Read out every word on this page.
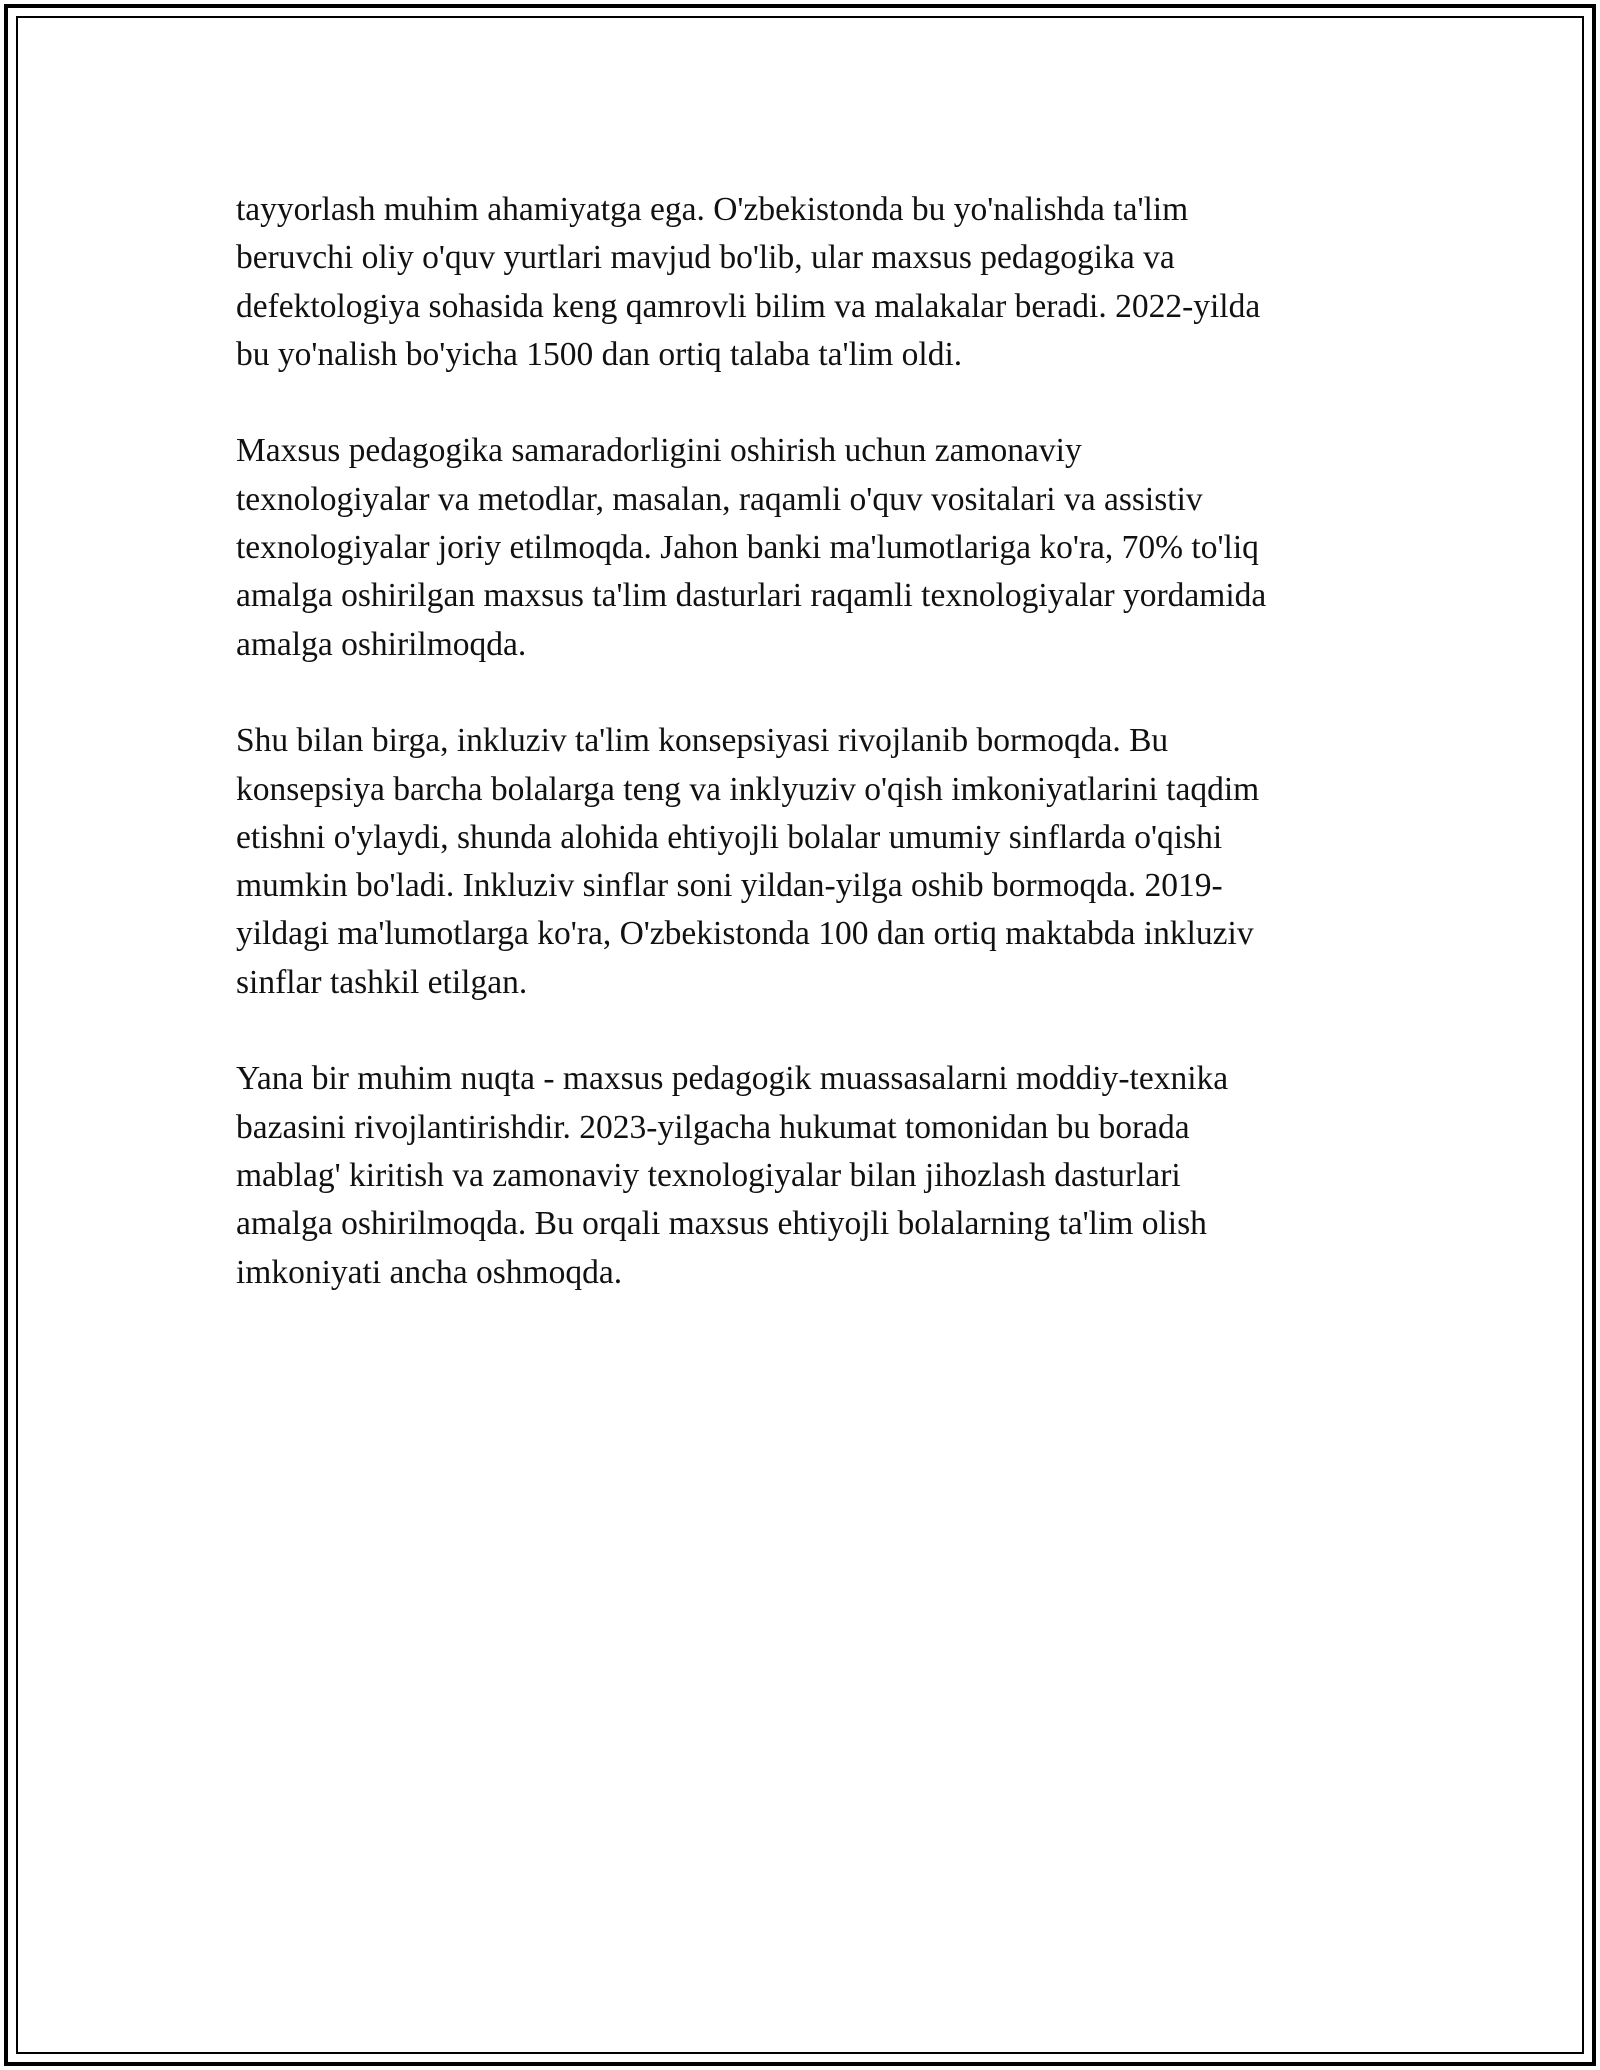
tayyorlash muhim ahamiyatga ega. O'zbekistonda bu yo'nalishda ta'lim
beruvchi oliy o'quv yurtlari mavjud bo'lib, ular maxsus pedagogika va
defektologiya sohasida keng qamrovli bilim va malakalar beradi. 2022-yilda
bu yo'nalish bo'yicha 1500 dan ortiq talaba ta'lim oldi.

Maxsus pedagogika samaradorligini oshirish uchun zamonaviy
texnologiyalar va metodlar, masalan, raqamli o'quv vositalari va assistiv
texnologiyalar joriy etilmoqda. Jahon banki ma'lumotlariga ko'ra, 70% to'liq
amalga oshirilgan maxsus ta'lim dasturlari raqamli texnologiyalar yordamida
amalga oshirilmoqda.

Shu bilan birga, inkluziv ta'lim konsepsiyasi rivojlanib bormoqda. Bu
konsepsiya barcha bolalarga teng va inklyuziv o'qish imkoniyatlarini taqdim
etishni o'ylaydi, shunda alohida ehtiyojli bolalar umumiy sinflarda o'qishi
mumkin bo'ladi. Inkluziv sinflar soni yildan-yilga oshib bormoqda. 2019-
yildagi ma'lumotlarga ko'ra, O'zbekistonda 100 dan ortiq maktabda inkluziv
sinflar tashkil etilgan.

Yana bir muhim nuqta - maxsus pedagogik muassasalarni moddiy-texnika
bazasini rivojlantirishdir. 2023-yilgacha hukumat tomonidan bu borada
mablag' kiritish va zamonaviy texnologiyalar bilan jihozlash dasturlari
amalga oshirilmoqda. Bu orqali maxsus ehtiyojli bolalarning ta'lim olish
imkoniyati ancha oshmoqda.
